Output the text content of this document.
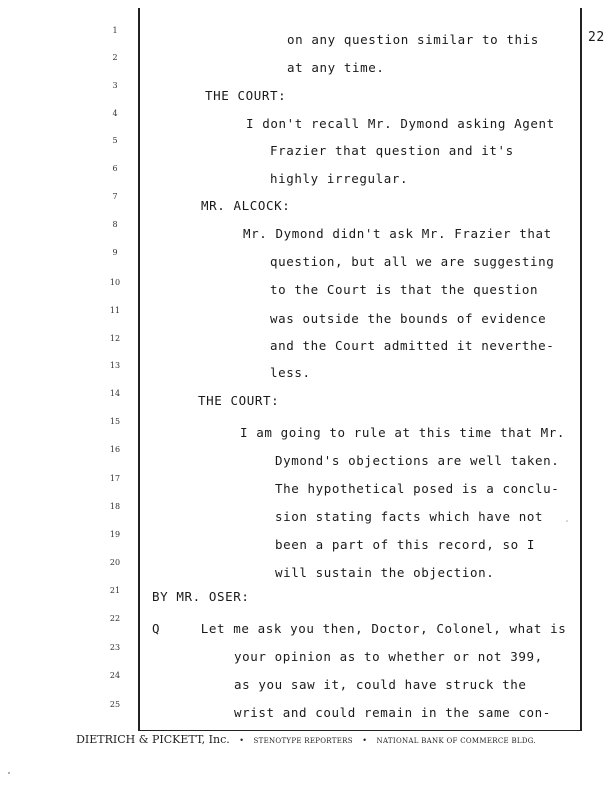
22
1
2
3
4
5
6
7
8
9
10
11
12
13
14
15
16
17
18
19
20
21
22
23
24
25
on any question similar to this
at any time.
THE COURT:
I don't recall Mr. Dymond asking Agent
Frazier that question and it's
highly irregular.
MR. ALCOCK:
Mr. Dymond didn't ask Mr. Frazier that
question, but all we are suggesting
to the Court is that the question
was outside the bounds of evidence
and the Court admitted it neverthe-
less.
THE COURT:
I am going to rule at this time that Mr.
Dymond's objections are well taken.
The hypothetical posed is a conclu-
sion stating facts which have not
been a part of this record, so I
will sustain the objection.
BY MR. OSER:
Q     Let me ask you then, Doctor, Colonel, what is
your opinion as to whether or not 399,
as you saw it, could have struck the
wrist and could remain in the same con-
DIETRICH & PICKETT, Inc. • STENOTYPE REPORTERS • NATIONAL BANK OF COMMERCE BLDG.
